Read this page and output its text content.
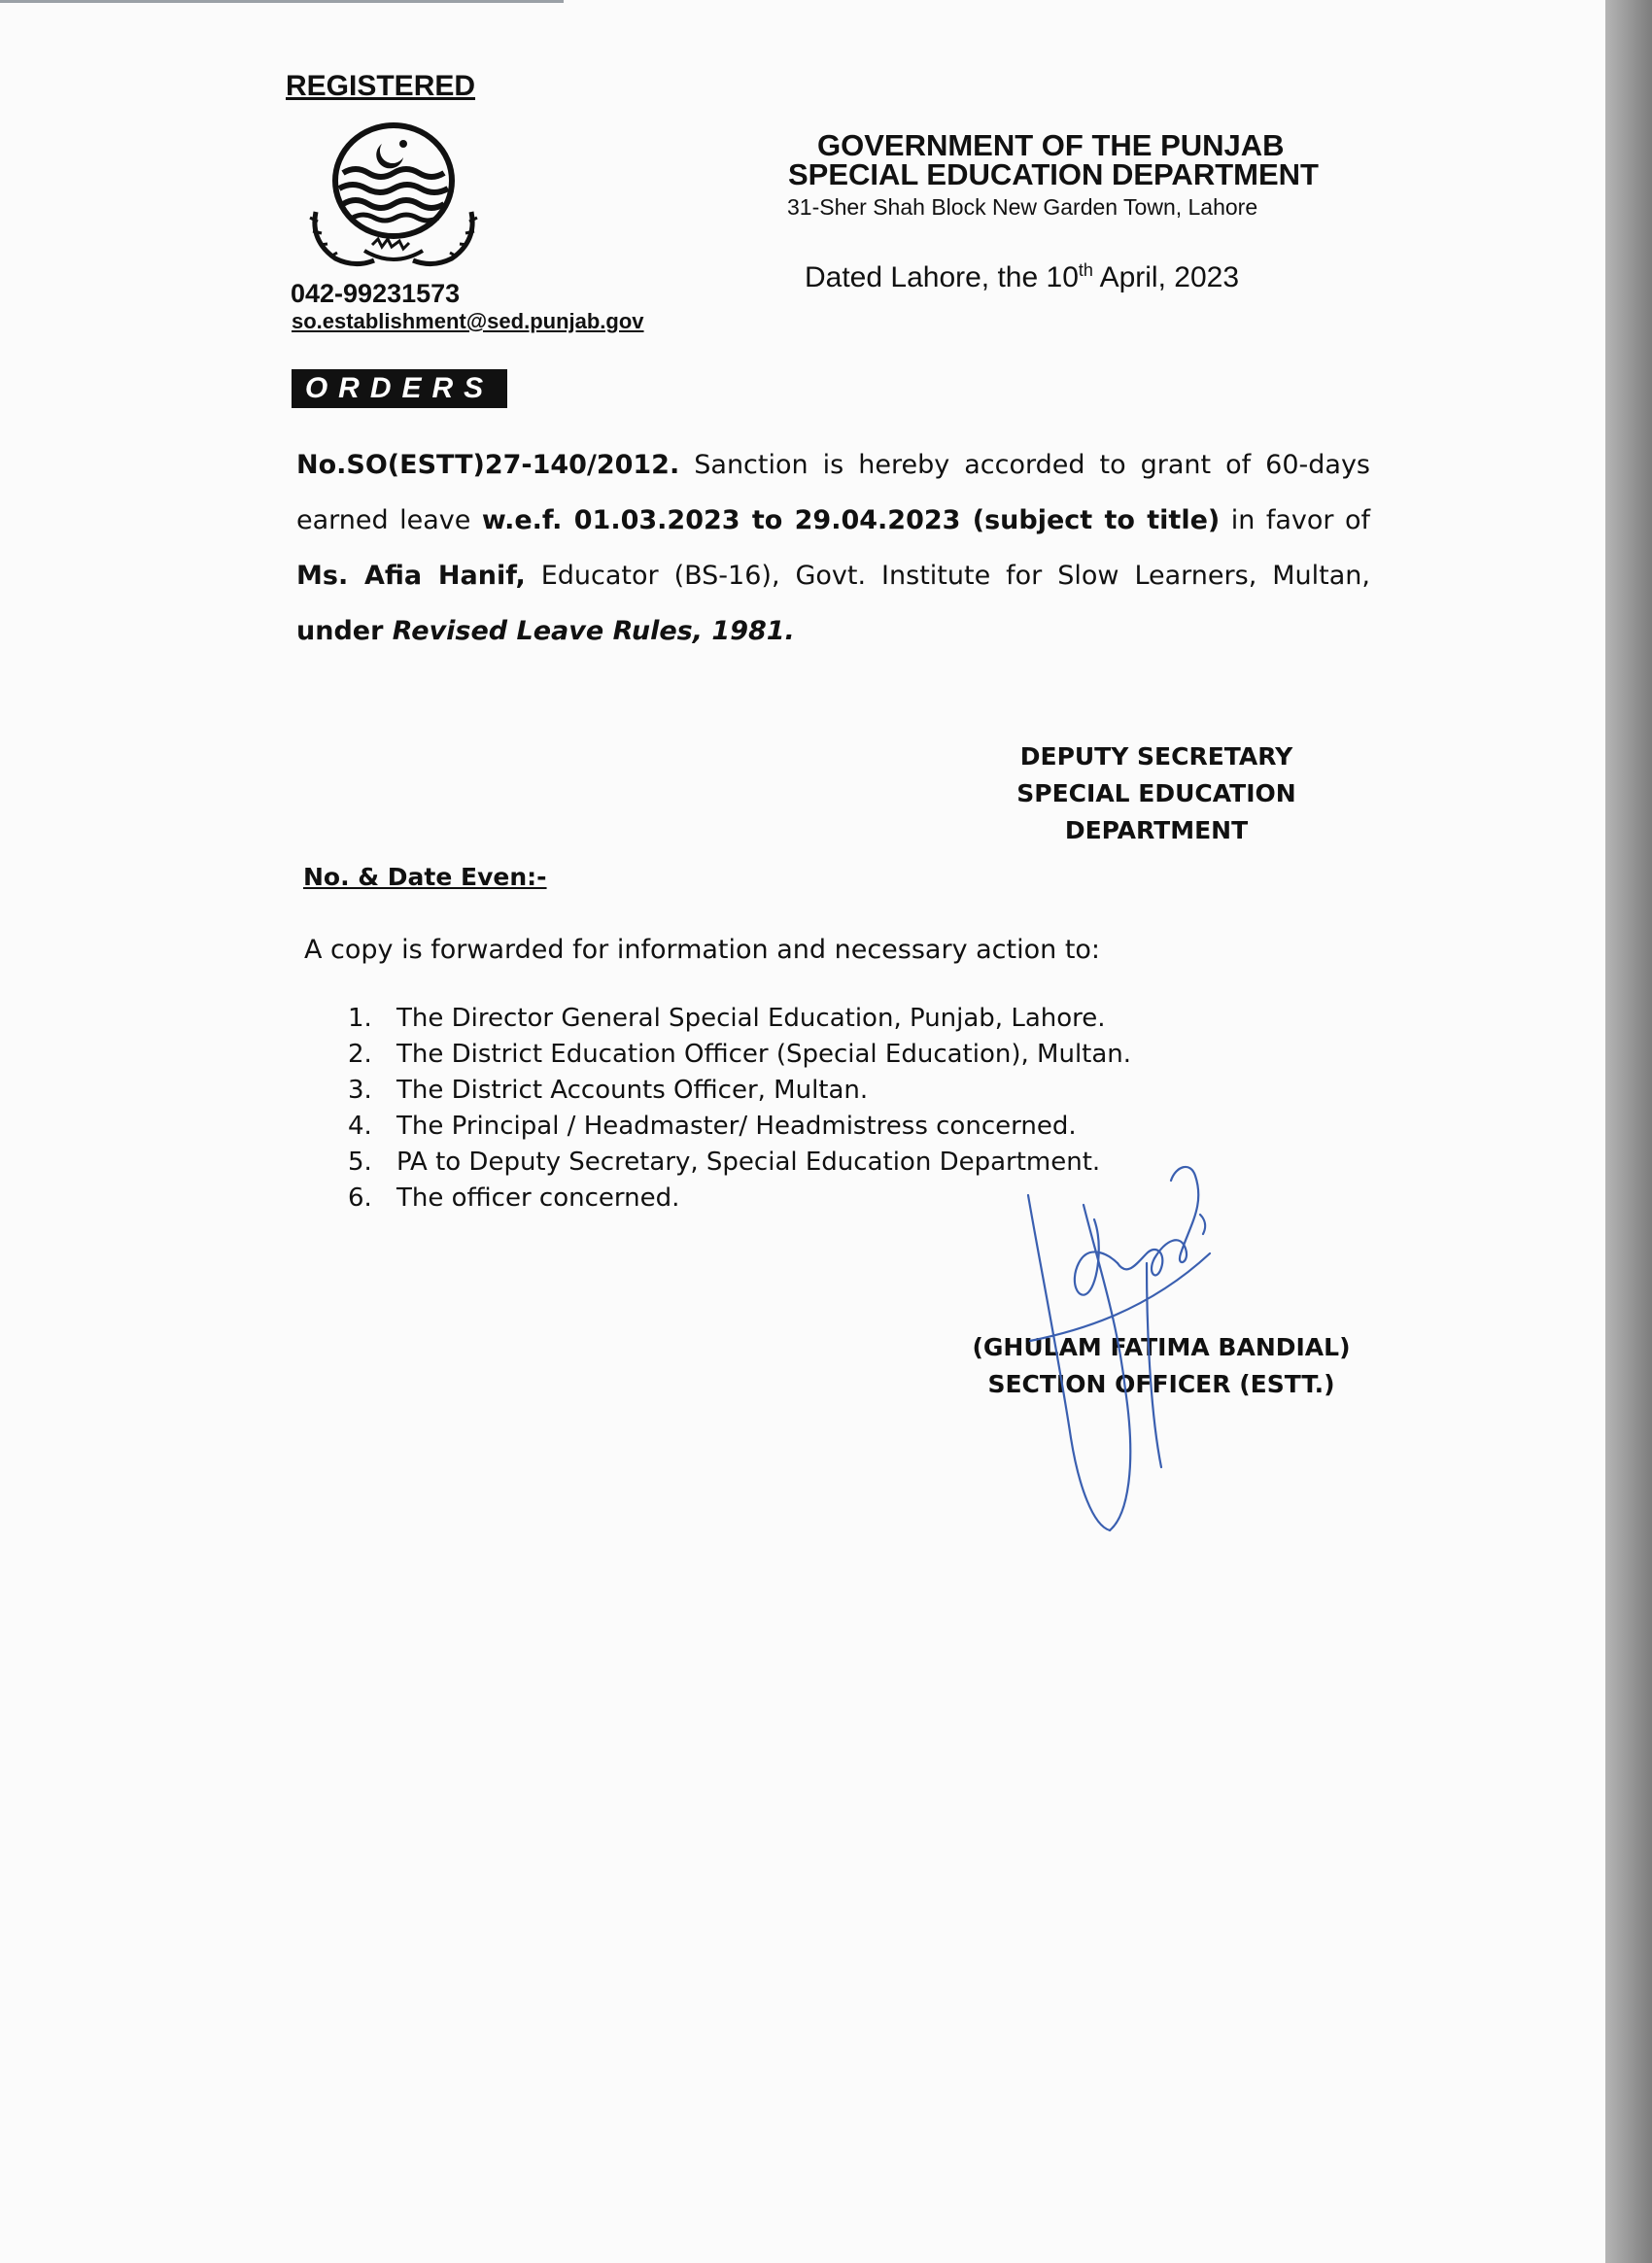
REGISTERED
042-99231573
so.establishment@sed.punjab.gov
GOVERNMENT OF THE PUNJAB
SPECIAL EDUCATION DEPARTMENT
31-Sher Shah Block New Garden Town, Lahore
Dated Lahore, the 10th April, 2023
ORDERS
No.SO(ESTT)27-140/2012. Sanction is hereby accorded to grant of 60-days earned leave w.e.f. 01.03.2023 to 29.04.2023 (subject to title) in favor of Ms. Afia Hanif, Educator (BS-16), Govt. Institute for Slow Learners, Multan, under Revised Leave Rules, 1981.
DEPUTY SECRETARY
SPECIAL EDUCATION
DEPARTMENT
No. & Date Even:-
A copy is forwarded for information and necessary action to:
1. The Director General Special Education, Punjab, Lahore.
2. The District Education Officer (Special Education), Multan.
3. The District Accounts Officer, Multan.
4. The Principal / Headmaster/ Headmistress concerned.
5. PA to Deputy Secretary, Special Education Department.
6. The officer concerned.
(GHULAM FATIMA BANDIAL)
SECTION OFFICER (ESTT.)
